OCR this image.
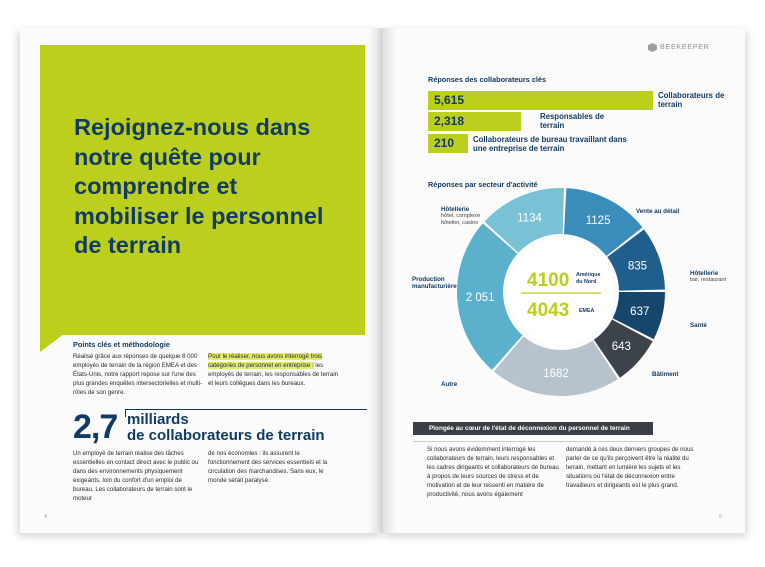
Rejoignez-nous dans notre quête pour comprendre et mobiliser le personnel de terrain
Points clés et méthodologie
Réalisé grâce aux réponses de quelque 8 000 employés de terrain de la région EMEA et des États-Unis, notre rapport repose sur l'une des plus grandes enquêtes intersectorielles et multi-rôles de son genre.
Pour le réaliser, nous avons interrogé trois catégories de personnel en entreprise : les employés de terrain, les responsables de terrain et leurs collègues dans les bureaux.
2,7 milliards
de collaborateurs de terrain
Un employé de terrain réalise des tâches essentielles en contact direct avec le public ou dans des environnements physiquement exigeants, loin du confort d'un emploi de bureau. Les collaborateurs de terrain sont le moteur
de nos économies : ils assurent le fonctionnement des services essentiels et la circulation des marchandises. Sans eux, le monde serait paralysé.
4
BEEKEEPER
Réponses des collaborateurs clés
5,615	Collaborateurs de terrain
2,318	Responsables de terrain
210 Collaborateurs de bureau travaillant dans une entreprise de terrain
Réponses par secteur d'activité
1125
835
637
643
1682
2 051
1134
4100 Amérique
du Nord
4043 EMEA
Vente au détail
Hôtellerie
bar, restaurant
Santé
Bâtiment
Autre
Production manufacturière
Hôtellerie
hôtel, complexe hôtelier, casino
Plongée au cœur de l'état de déconnexion du personnel de terrain
Si nous avons évidemment interrogé les collaborateurs de terrain, leurs responsables et les cadres dirigeants et collaborateurs de bureau à propos de leurs sources de stress et de motivation et de leur ressenti en matière de productivité, nous avons également
demandé à ces deux derniers groupes de nous parler de ce qu'ils perçoivent être la réalité du terrain, mettant en lumière les sujets et les situations où l'état de déconnexion entre travailleurs et dirigeants est le plus grand.
5
